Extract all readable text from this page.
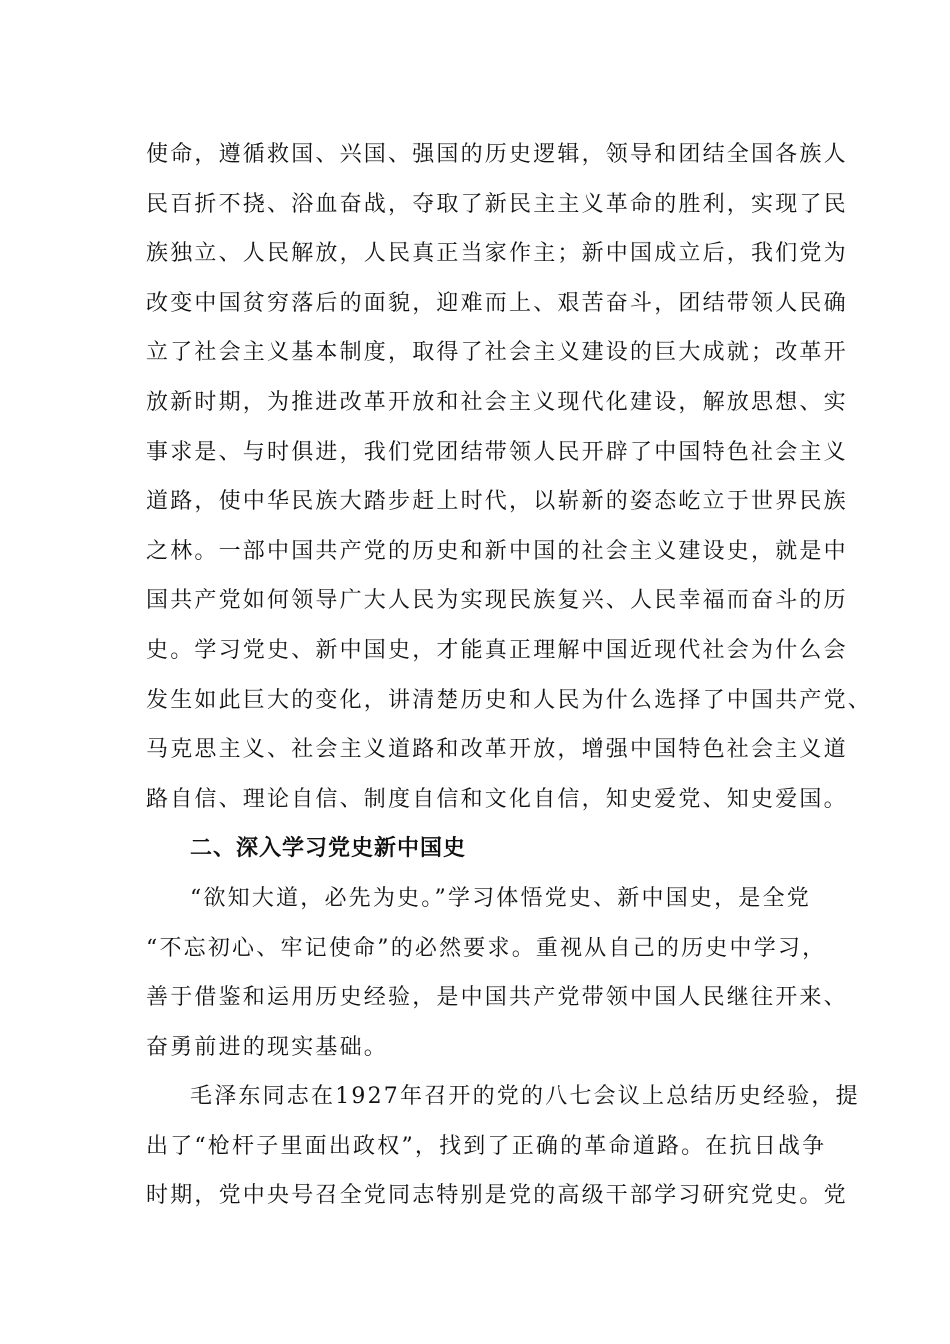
使命，遵循救国、兴国、强国的历史逻辑，领导和团结全国各族人
民百折不挠、浴血奋战，夺取了新民主主义革命的胜利，实现了民
族独立、人民解放，人民真正当家作主；新中国成立后，我们党为
改变中国贫穷落后的面貌，迎难而上、艰苦奋斗，团结带领人民确
立了社会主义基本制度，取得了社会主义建设的巨大成就；改革开
放新时期，为推进改革开放和社会主义现代化建设，解放思想、实
事求是、与时俱进，我们党团结带领人民开辟了中国特色社会主义
道路，使中华民族大踏步赶上时代，以崭新的姿态屹立于世界民族
之林。一部中国共产党的历史和新中国的社会主义建设史，就是中
国共产党如何领导广大人民为实现民族复兴、人民幸福而奋斗的历
史。学习党史、新中国史，才能真正理解中国近现代社会为什么会
发生如此巨大的变化，讲清楚历史和人民为什么选择了中国共产党、
马克思主义、社会主义道路和改革开放，增强中国特色社会主义道
路自信、理论自信、制度自信和文化自信，知史爱党、知史爱国。
二、深入学习党史新中国史
“欲知大道，必先为史。”学习体悟党史、新中国史，是全党
“不忘初心、牢记使命”的必然要求。重视从自己的历史中学习，
善于借鉴和运用历史经验，是中国共产党带领中国人民继往开来、
奋勇前进的现实基础。
毛泽东同志在1927年召开的党的八七会议上总结历史经验，提
出了“枪杆子里面出政权”，找到了正确的革命道路。在抗日战争
时期，党中央号召全党同志特别是党的高级干部学习研究党史。党
